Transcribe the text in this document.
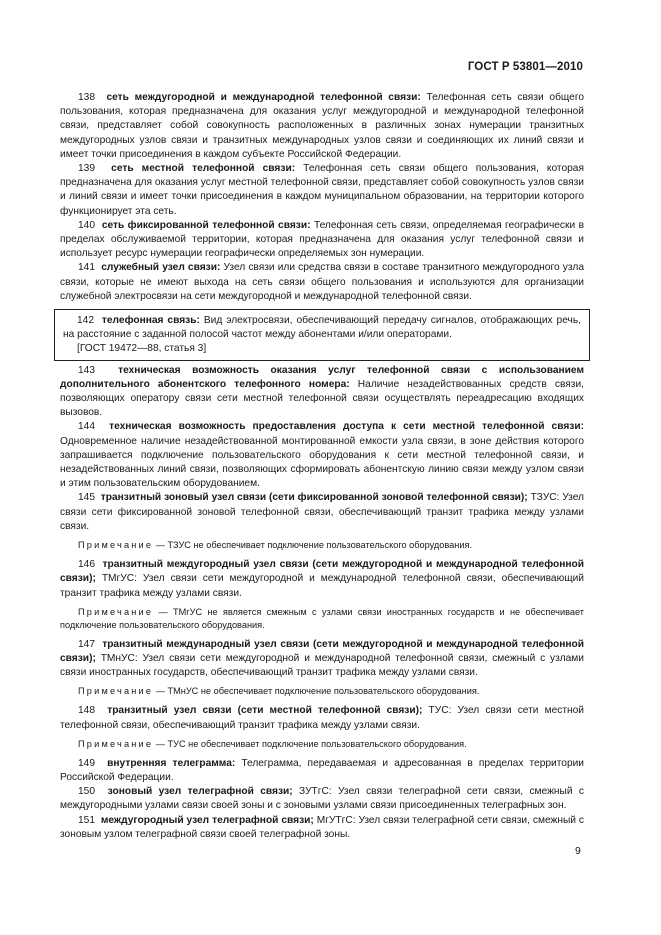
ГОСТ Р 53801—2010

138 сеть междугородной и международной телефонной связи: Телефонная сеть связи общего пользования, которая предназначена для оказания услуг междугородной и международной телефонной связи, представляет собой совокупность расположенных в различных зонах нумерации транзитных междугородных узлов связи и транзитных международных узлов связи и соединяющих их линий связи и имеет точки присоединения в каждом субъекте Российской Федерации.

139 сеть местной телефонной связи: Телефонная сеть связи общего пользования, которая предназначена для оказания услуг местной телефонной связи, представляет собой совокупность узлов связи и линий связи и имеет точки присоединения в каждом муниципальном образовании, на территории которого функционирует эта сеть.

140 сеть фиксированной телефонной связи: Телефонная сеть связи, определяемая географически в пределах обслуживаемой территории, которая предназначена для оказания услуг телефонной связи и использует ресурс нумерации географически определяемых зон нумерации.

141 служебный узел связи: Узел связи или средства связи в составе транзитного междугородного узла связи, которые не имеют выхода на сеть связи общего пользования и используются для организации служебной электросвязи на сети междугородной и международной телефонной связи.

142 телефонная связь: Вид электросвязи, обеспечивающий передачу сигналов, отображающих речь, на расстояние с заданной полосой частот между абонентами и/или операторами.

[ГОСТ 19472—88, статья 3]

143 техническая возможность оказания услуг телефонной связи с использованием дополнительного абонентского телефонного номера: Наличие незадействованных средств связи, позволяющих оператору связи сети местной телефонной связи осуществлять переадресацию входящих вызовов.

144 техническая возможность предоставления доступа к сети местной телефонной связи: Одновременное наличие незадействованной монтированной емкости узла связи, в зоне действия которого запрашивается подключение пользовательского оборудования к сети местной телефонной связи, и незадействованных линий связи, позволяющих сформировать абонентскую линию связи между узлом связи и этим пользовательским оборудованием.

145 транзитный зоновый узел связи (сети фиксированной зоновой телефонной связи); ТЗУС: Узел связи сети фиксированной зоновой телефонной связи, обеспечивающий транзит трафика между узлами связи.

Примечание — ТЗУС не обеспечивает подключение пользовательского оборудования.

146 транзитный междугородный узел связи (сети междугородной и международной телефонной связи); ТМгУС: Узел связи сети междугородной и международной телефонной связи, обеспечивающий транзит трафика между узлами связи.

Примечание — ТМгУС не является смежным с узлами связи иностранных государств и не обеспечивает подключение пользовательского оборудования.

147 транзитный международный узел связи (сети междугородной и международной телефонной связи); ТМнУС: Узел связи сети междугородной и международной телефонной связи, смежный с узлами связи иностранных государств, обеспечивающий транзит трафика между узлами связи.

Примечание — ТМнУС не обеспечивает подключение пользовательского оборудования.

148 транзитный узел связи (сети местной телефонной связи); ТУС: Узел связи сети местной телефонной связи, обеспечивающий транзит трафика между узлами связи.

Примечание — ТУС не обеспечивает подключение пользовательского оборудования.

149 внутренняя телеграмма: Телеграмма, передаваемая и адресованная в пределах территории Российской Федерации.

150 зоновый узел телеграфной связи; ЗУТгС: Узел связи телеграфной сети связи, смежный с междугородными узлами связи своей зоны и с зоновыми узлами связи присоединенных телеграфных зон.

151 междугородный узел телеграфной связи; МгУТгС: Узел связи телеграфной сети связи, смежный с зоновым узлом телеграфной связи своей телеграфной зоны.

9
